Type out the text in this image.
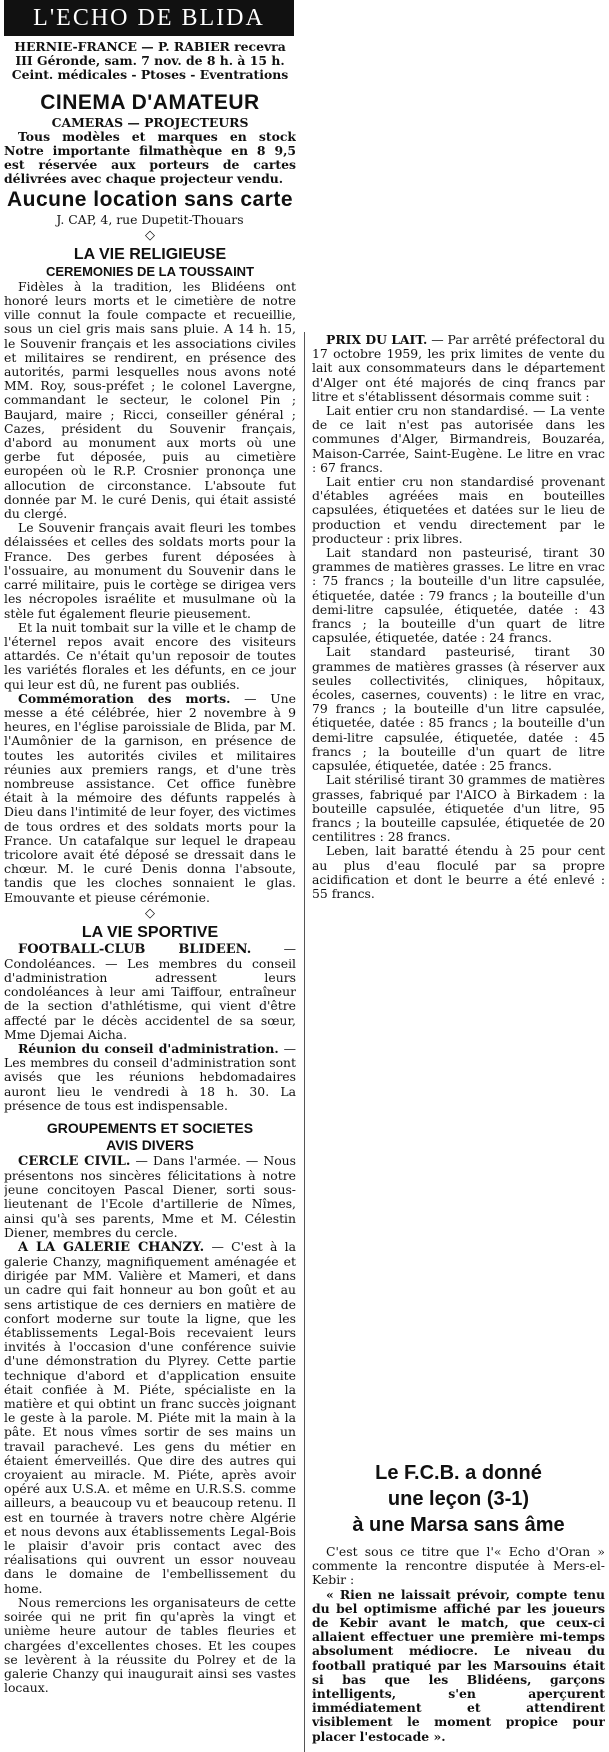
L'ECHO DE BLIDA

HERNIE-FRANCE — P. RABIER recevra

III Géronde, sam. 7 nov. de 8 h. à 15 h.

Ceint. médicales - Ptoses - Eventrations

CINEMA D'AMATEUR

CAMERAS — PROJECTEURS

Tous modèles et marques en stock Notre importante filmathèque en 8 9,5 est réservée aux porteurs de cartes délivrées avec chaque projecteur vendu.

Aucune location sans carte

J. CAP, 4, rue Dupetit-Thouars

◇
LA VIE RELIGIEUSE
CEREMONIES DE LA TOUSSAINT

Fidèles à la tradition, les Blidéens ont honoré leurs morts et le cimetière de notre ville connut la foule compacte et recueillie, sous un ciel gris mais sans pluie. A 14 h. 15, le Souvenir français et les associations civiles et militaires se rendirent, en présence des autorités, parmi lesquelles nous avons noté MM. Roy, sous-préfet ; le colonel Lavergne, commandant le secteur, le colonel Pin ; Baujard, maire ; Ricci, conseiller général ; Cazes, président du Souvenir français, d'abord au monument aux morts où une gerbe fut déposée, puis au cimetière européen où le R.P. Crosnier prononça une allocution de circonstance. L'absoute fut donnée par M. le curé Denis, qui était assisté du clergé.

Le Souvenir français avait fleuri les tombes délaissées et celles des soldats morts pour la France. Des gerbes furent déposées à l'ossuaire, au monument du Souvenir dans le carré militaire, puis le cortège se dirigea vers les nécropoles israélite et musulmane où la stèle fut également fleurie pieusement.

Et la nuit tombait sur la ville et le champ de l'éternel repos avait encore des visiteurs attardés. Ce n'était qu'un reposoir de toutes les variétés florales et les défunts, en ce jour qui leur est dû, ne furent pas oubliés.

Commémoration des morts. — Une messe a été célébrée, hier 2 novembre à 9 heures, en l'église paroissiale de Blida, par M. l'Aumônier de la garnison, en présence de toutes les autorités civiles et militaires réunies aux premiers rangs, et d'une très nombreuse assistance. Cet office funèbre était à la mémoire des défunts rappelés à Dieu dans l'intimité de leur foyer, des victimes de tous ordres et des soldats morts pour la France. Un catafalque sur lequel le drapeau tricolore avait été déposé se dressait dans le chœur. M. le curé Denis donna l'absoute, tandis que les cloches sonnaient le glas. Emouvante et pieuse cérémonie.

◇
LA VIE SPORTIVE

FOOTBALL-CLUB BLIDEEN. — Condoléances. — Les membres du conseil d'administration adressent leurs condoléances à leur ami Taiffour, entraîneur de la section d'athlétisme, qui vient d'être affecté par le décès accidentel de sa sœur, Mme Djemai Aicha.

Réunion du conseil d'administration. — Les membres du conseil d'administration sont avisés que les réunions hebdomadaires auront lieu le vendredi à 18 h. 30. La présence de tous est indispensable.

GROUPEMENTS ET SOCIETES
AVIS DIVERS

CERCLE CIVIL. — Dans l'armée. — Nous présentons nos sincères félicitations à notre jeune concitoyen Pascal Diener, sorti sous-lieutenant de l'Ecole d'artillerie de Nîmes, ainsi qu'à ses parents, Mme et M. Célestin Diener, membres du cercle.

A LA GALERIE CHANZY. — C'est à la galerie Chanzy, magnifiquement aménagée et dirigée par MM. Valière et Mameri, et dans un cadre qui fait honneur au bon goût et au sens artistique de ces derniers en matière de confort moderne sur toute la ligne, que les établissements Legal-Bois recevaient leurs invités à l'occasion d'une conférence suivie d'une démonstration du Plyrey. Cette partie technique d'abord et d'application ensuite était confiée à M. Piéte, spécialiste en la matière et qui obtint un franc succès joignant le geste à la parole. M. Piéte mit la main à la pâte. Et nous vîmes sortir de ses mains un travail parachevé. Les gens du métier en étaient émerveillés. Que dire des autres qui croyaient au miracle. M. Piéte, après avoir opéré aux U.S.A. et même en U.R.S.S. comme ailleurs, a beaucoup vu et beaucoup retenu. Il est en tournée à travers notre chère Algérie et nous devons aux établissements Legal-Bois le plaisir d'avoir pris contact avec des réalisations qui ouvrent un essor nouveau dans le domaine de l'embellissement du home.

Nous remercions les organisateurs de cette soirée qui ne prit fin qu'après la vingt et unième heure autour de tables fleuries et chargées d'excellentes choses. Et les coupes se levèrent à la réussite du Polrey et de la galerie Chanzy qui inaugurait ainsi ses vastes locaux.

PRIX DU LAIT. — Par arrêté préfectoral du 17 octobre 1959, les prix limites de vente du lait aux consommateurs dans le département d'Alger ont été majorés de cinq francs par litre et s'établissent désormais comme suit :

Lait entier cru non standardisé. — La vente de ce lait n'est pas autorisée dans les communes d'Alger, Birmandreis, Bouzaréa, Maison-Carrée, Saint-Eugène. Le litre en vrac : 67 francs.

Lait entier cru non standardisé provenant d'étables agréées mais en bouteilles capsulées, étiquetées et datées sur le lieu de production et vendu directement par le producteur : prix libres.

Lait standard non pasteurisé, tirant 30 grammes de matières grasses. Le litre en vrac : 75 francs ; la bouteille d'un litre capsulée, étiquetée, datée : 79 francs ; la bouteille d'un demi-litre capsulée, étiquetée, datée : 43 francs ; la bouteille d'un quart de litre capsulée, étiquetée, datée : 24 francs.

Lait standard pasteurisé, tirant 30 grammes de matières grasses (à réserver aux seules collectivités, cliniques, hôpitaux, écoles, casernes, couvents) : le litre en vrac, 79 francs ; la bouteille d'un litre capsulée, étiquetée, datée : 85 francs ; la bouteille d'un demi-litre capsulée, étiquetée, datée : 45 francs ; la bouteille d'un quart de litre capsulée, étiquetée, datée : 25 francs.

Lait stérilisé tirant 30 grammes de matières grasses, fabriqué par l'AICO à Birkadem : la bouteille capsulée, étiquetée d'un litre, 95 francs ; la bouteille capsulée, étiquetée de 20 centilitres : 28 francs.

Leben, lait baratté étendu à 25 pour cent au plus d'eau floculé par sa propre acidification et dont le beurre a été enlevé : 55 francs.

Le F.C.B. a donné
une leçon (3-1)
à une Marsa sans âme

C'est sous ce titre que l'« Echo d'Oran » commente la rencontre disputée à Mers-el-Kebir :

« Rien ne laissait prévoir, compte tenu du bel optimisme affiché par les joueurs de Kebir avant le match, que ceux-ci allaient effectuer une première mi-temps absolument médiocre. Le niveau du football pratiqué par les Marsouins était si bas que les Blidéens, garçons intelligents, s'en aperçurent immédiatement et attendirent visiblement le moment propice pour placer l'estocade ».
